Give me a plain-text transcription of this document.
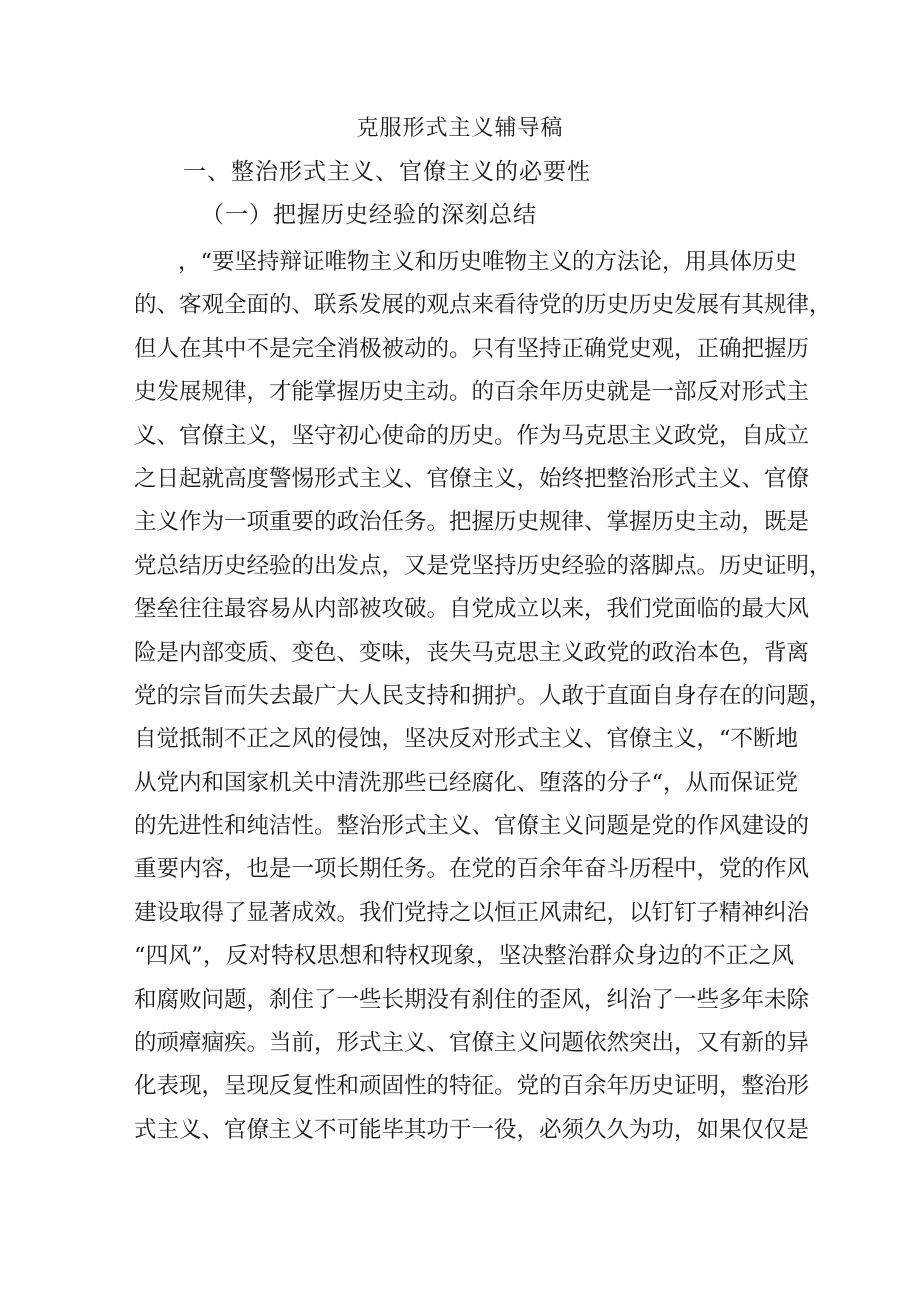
克服形式主义辅导稿
一、整治形式主义、官僚主义的必要性
（一）把握历史经验的深刻总结
，“要坚持辩证唯物主义和历史唯物主义的方法论，用具体历史
的、客观全面的、联系发展的观点来看待党的历史历史发展有其规律，
但人在其中不是完全消极被动的。只有坚持正确党史观，正确把握历
史发展规律，才能掌握历史主动。的百余年历史就是一部反对形式主
义、官僚主义，坚守初心使命的历史。作为马克思主义政党，自成立
之日起就高度警惕形式主义、官僚主义，始终把整治形式主义、官僚
主义作为一项重要的政治任务。把握历史规律、掌握历史主动，既是
党总结历史经验的出发点，又是党坚持历史经验的落脚点。历史证明，
堡垒往往最容易从内部被攻破。自党成立以来，我们党面临的最大风
险是内部变质、变色、变味，丧失马克思主义政党的政治本色，背离
党的宗旨而失去最广大人民支持和拥护。人敢于直面自身存在的问题，
自觉抵制不正之风的侵蚀，坚决反对形式主义、官僚主义，“不断地
从党内和国家机关中清洗那些已经腐化、堕落的分子“，从而保证党
的先进性和纯洁性。整治形式主义、官僚主义问题是党的作风建设的
重要内容，也是一项长期任务。在党的百余年奋斗历程中，党的作风
建设取得了显著成效。我们党持之以恒正风肃纪，以钉钉子精神纠治
“四风”，反对特权思想和特权现象，坚决整治群众身边的不正之风
和腐败问题，刹住了一些长期没有刹住的歪风，纠治了一些多年未除
的顽瘴痼疾。当前，形式主义、官僚主义问题依然突出，又有新的异
化表现，呈现反复性和顽固性的特征。党的百余年历史证明，整治形
式主义、官僚主义不可能毕其功于一役，必须久久为功，如果仅仅是
